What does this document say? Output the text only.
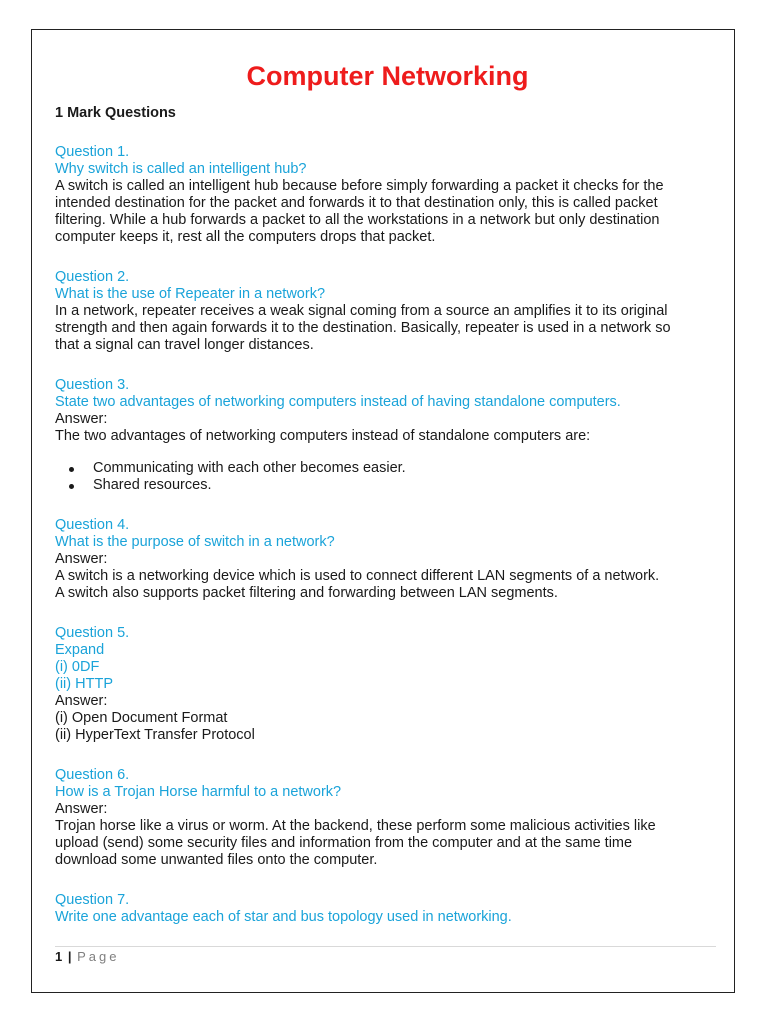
Computer Networking
1 Mark Questions
Question 1.
Why switch is called an intelligent hub?
A switch is called an intelligent hub because before simply forwarding a packet it checks for the
intended destination for the packet and forwards it to that destination only, this is called packet
filtering. While a hub forwards a packet to all the workstations in a network but only destination
computer keeps it, rest all the computers drops that packet.
Question 2.
What is the use of Repeater in a network?
In a network, repeater receives a weak signal coming from a source an amplifies it to its original
strength and then again forwards it to the destination. Basically, repeater is used in a network so
that a signal can travel longer distances.
Question 3.
State two advantages of networking computers instead of having standalone computers.
Answer:
The two advantages of networking computers instead of standalone computers are:
Communicating with each other becomes easier.
Shared resources.
Question 4.
What is the purpose of switch in a network?
Answer:
A switch is a networking device which is used to connect different LAN segments of a network.
A switch also supports packet filtering and forwarding between LAN segments.
Question 5.
Expand
(i) 0DF
(ii) HTTP
Answer:
(i) Open Document Format
(ii) HyperText Transfer Protocol
Question 6.
How is a Trojan Horse harmful to a network?
Answer:
Trojan horse like a virus or worm. At the backend, these perform some malicious activities like
upload (send) some security files and information from the computer and at the same time
download some unwanted files onto the computer.
Question 7.
Write one advantage each of star and bus topology used in networking.
1 | Page
